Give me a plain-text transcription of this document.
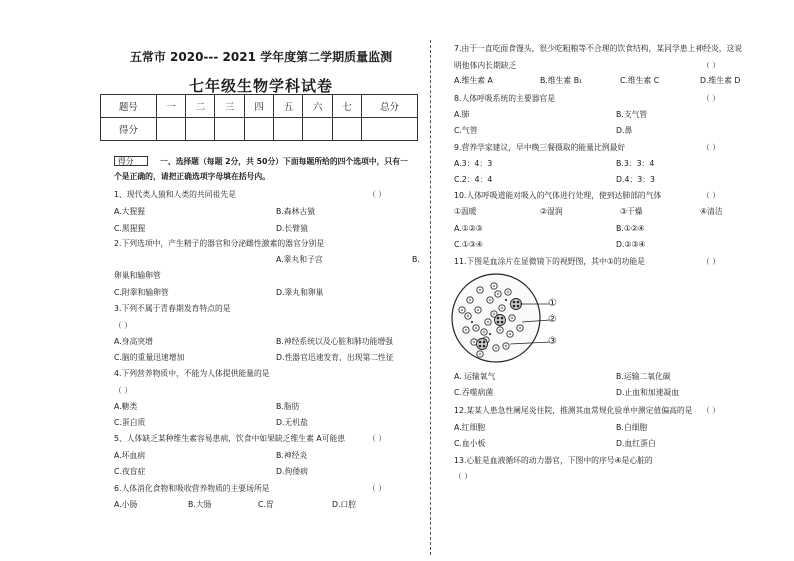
五常市 2020--- 2021 学年度第二学期质量监测
七年级生物学科试卷
题号	一	二	三	四	五	六	七	总分
得分								
得分	一、选择题（每题 2分，共 50分）下面每题所给的四个选项中，只有一
个是正确的，请把正确选项字母填在括号内。
1、现代类人猿和人类的共同祖先是	（ ）
A.大猩猩	B.森林古猿
C.黑猩猩	D.长臂猿
2.下列选项中，产生精子的器官和分泌雌性激素的器官分别是
A.睾丸和子宫	B.
卵巢和输卵管
C.附睾和输卵管	D.睾丸和卵巢
3.下列不属于青春期发育特点的是
（ ）
A.身高突增	B.神经系统以及心脏和肺功能增强
C.脑的重量迅速增加	D.性器官迅速发育，出现第二性征
4.下列营养物质中，不能为人体提供能量的是
（ ）
A.糖类	B.脂肪
C.蛋白质	D.无机盐
5、人体缺乏某种维生素容易患病，饮食中如果缺乏维生素 A可能患	（ ）
A.坏血病	B.神经炎
C.夜盲症	D.佝偻病
6.人体消化食物和吸收营养物质的主要场所是	（ ）
A.小肠	B.大肠	C.胃	D.口腔
7.由于一直吃面食馒头，很少吃粗粮等不合理的饮食结构，某同学患上神经炎，这说
明他体内长期缺乏	（ ）
A.维生素 A	B.维生素 B₁	C.维生素 C	D.维生素 D
8.人体呼吸系统的主要器官是	（ ）
A.肺	B.支气管
C.气管	D.鼻
9.营养学家建议，早中晚三餐摄取的能量比例最好	（ ）
A.3：4：3	B.3：3：4
C.2：4：4	D.4：3：3
10.人体呼吸道能对吸入的气体进行处理，使到达肺部的气体	（ ）
①温暖	②湿润	③干燥	④清洁
A.①②③	B.①②④
C.①③④	D.②③④
11.下图是血涂片在显微镜下的视野图，其中①的功能是	（ ）
A. 运输氧气	B.运输二氧化碳
C.吞噬病菌	D.止血和加速凝血
12.某某人患急性阑尾炎住院，推测其血常规化验单中测定值偏高的是 （ ）
A.红细胞	B.白细胞
C.血小板	D.血红蛋白
13.心脏是血液循环的动力器官，下图中的序号④是心脏的
（ ）
①
②
③
